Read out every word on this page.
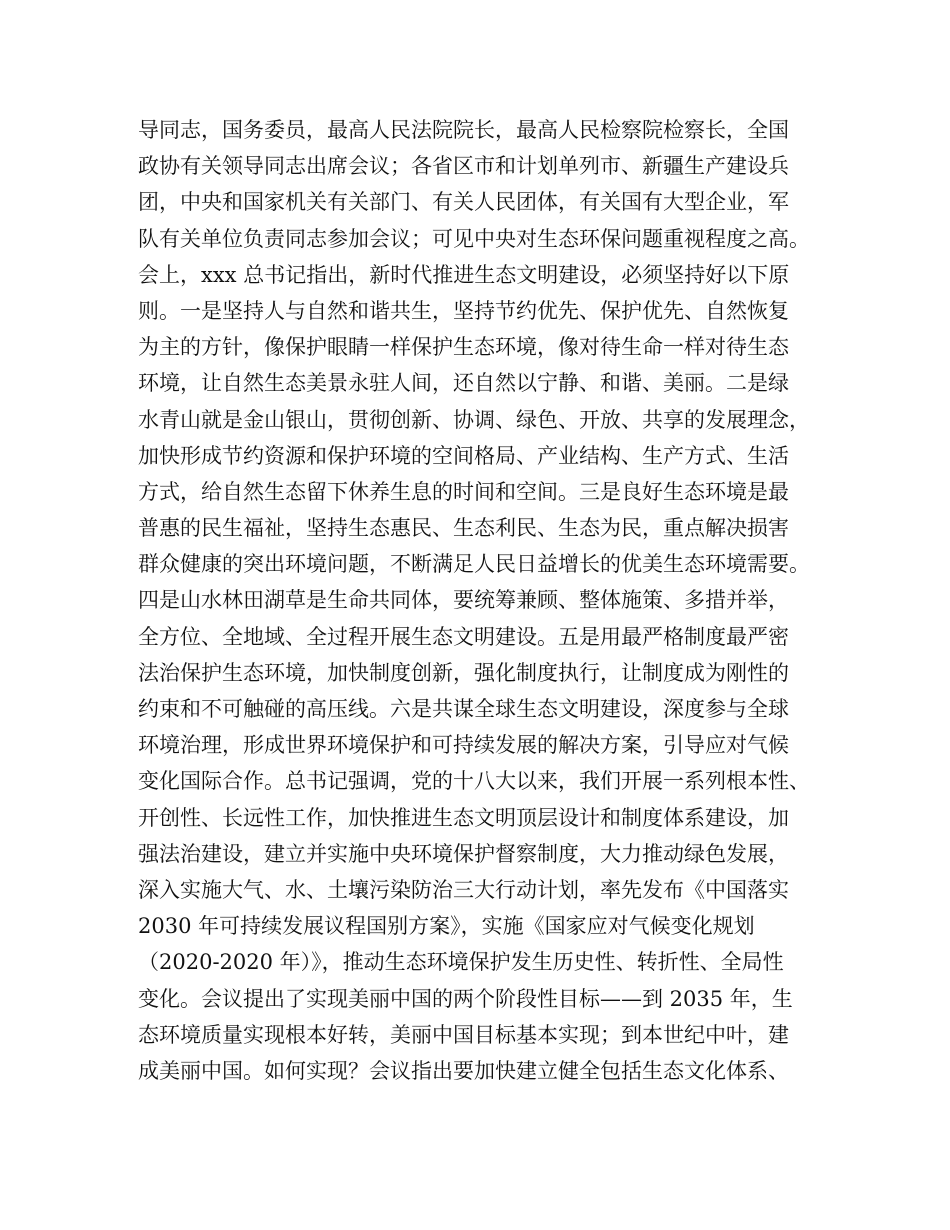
导同志，国务委员，最高人民法院院长，最高人民检察院检察长，全国
政协有关领导同志出席会议；各省区市和计划单列市、新疆生产建设兵
团，中央和国家机关有关部门、有关人民团体，有关国有大型企业，军
队有关单位负责同志参加会议；可见中央对生态环保问题重视程度之高。
会上，xxx 总书记指出，新时代推进生态文明建设，必须坚持好以下原
则。一是坚持人与自然和谐共生，坚持节约优先、保护优先、自然恢复
为主的方针，像保护眼睛一样保护生态环境，像对待生命一样对待生态
环境，让自然生态美景永驻人间，还自然以宁静、和谐、美丽。二是绿
水青山就是金山银山，贯彻创新、协调、绿色、开放、共享的发展理念，
加快形成节约资源和保护环境的空间格局、产业结构、生产方式、生活
方式，给自然生态留下休养生息的时间和空间。三是良好生态环境是最
普惠的民生福祉，坚持生态惠民、生态利民、生态为民，重点解决损害
群众健康的突出环境问题，不断满足人民日益增长的优美生态环境需要。
四是山水林田湖草是生命共同体，要统筹兼顾、整体施策、多措并举，
全方位、全地域、全过程开展生态文明建设。五是用最严格制度最严密
法治保护生态环境，加快制度创新，强化制度执行，让制度成为刚性的
约束和不可触碰的高压线。六是共谋全球生态文明建设，深度参与全球
环境治理，形成世界环境保护和可持续发展的解决方案，引导应对气候
变化国际合作。总书记强调，党的十八大以来，我们开展一系列根本性、
开创性、长远性工作，加快推进生态文明顶层设计和制度体系建设，加
强法治建设，建立并实施中央环境保护督察制度，大力推动绿色发展，
深入实施大气、水、土壤污染防治三大行动计划，率先发布《中国落实
2030 年可持续发展议程国别方案》，实施《国家应对气候变化规划
（2020-2020 年）》，推动生态环境保护发生历史性、转折性、全局性
变化。会议提出了实现美丽中国的两个阶段性目标——到 2035 年，生
态环境质量实现根本好转，美丽中国目标基本实现；到本世纪中叶，建
成美丽中国。如何实现？会议指出要加快建立健全包括生态文化体系、
